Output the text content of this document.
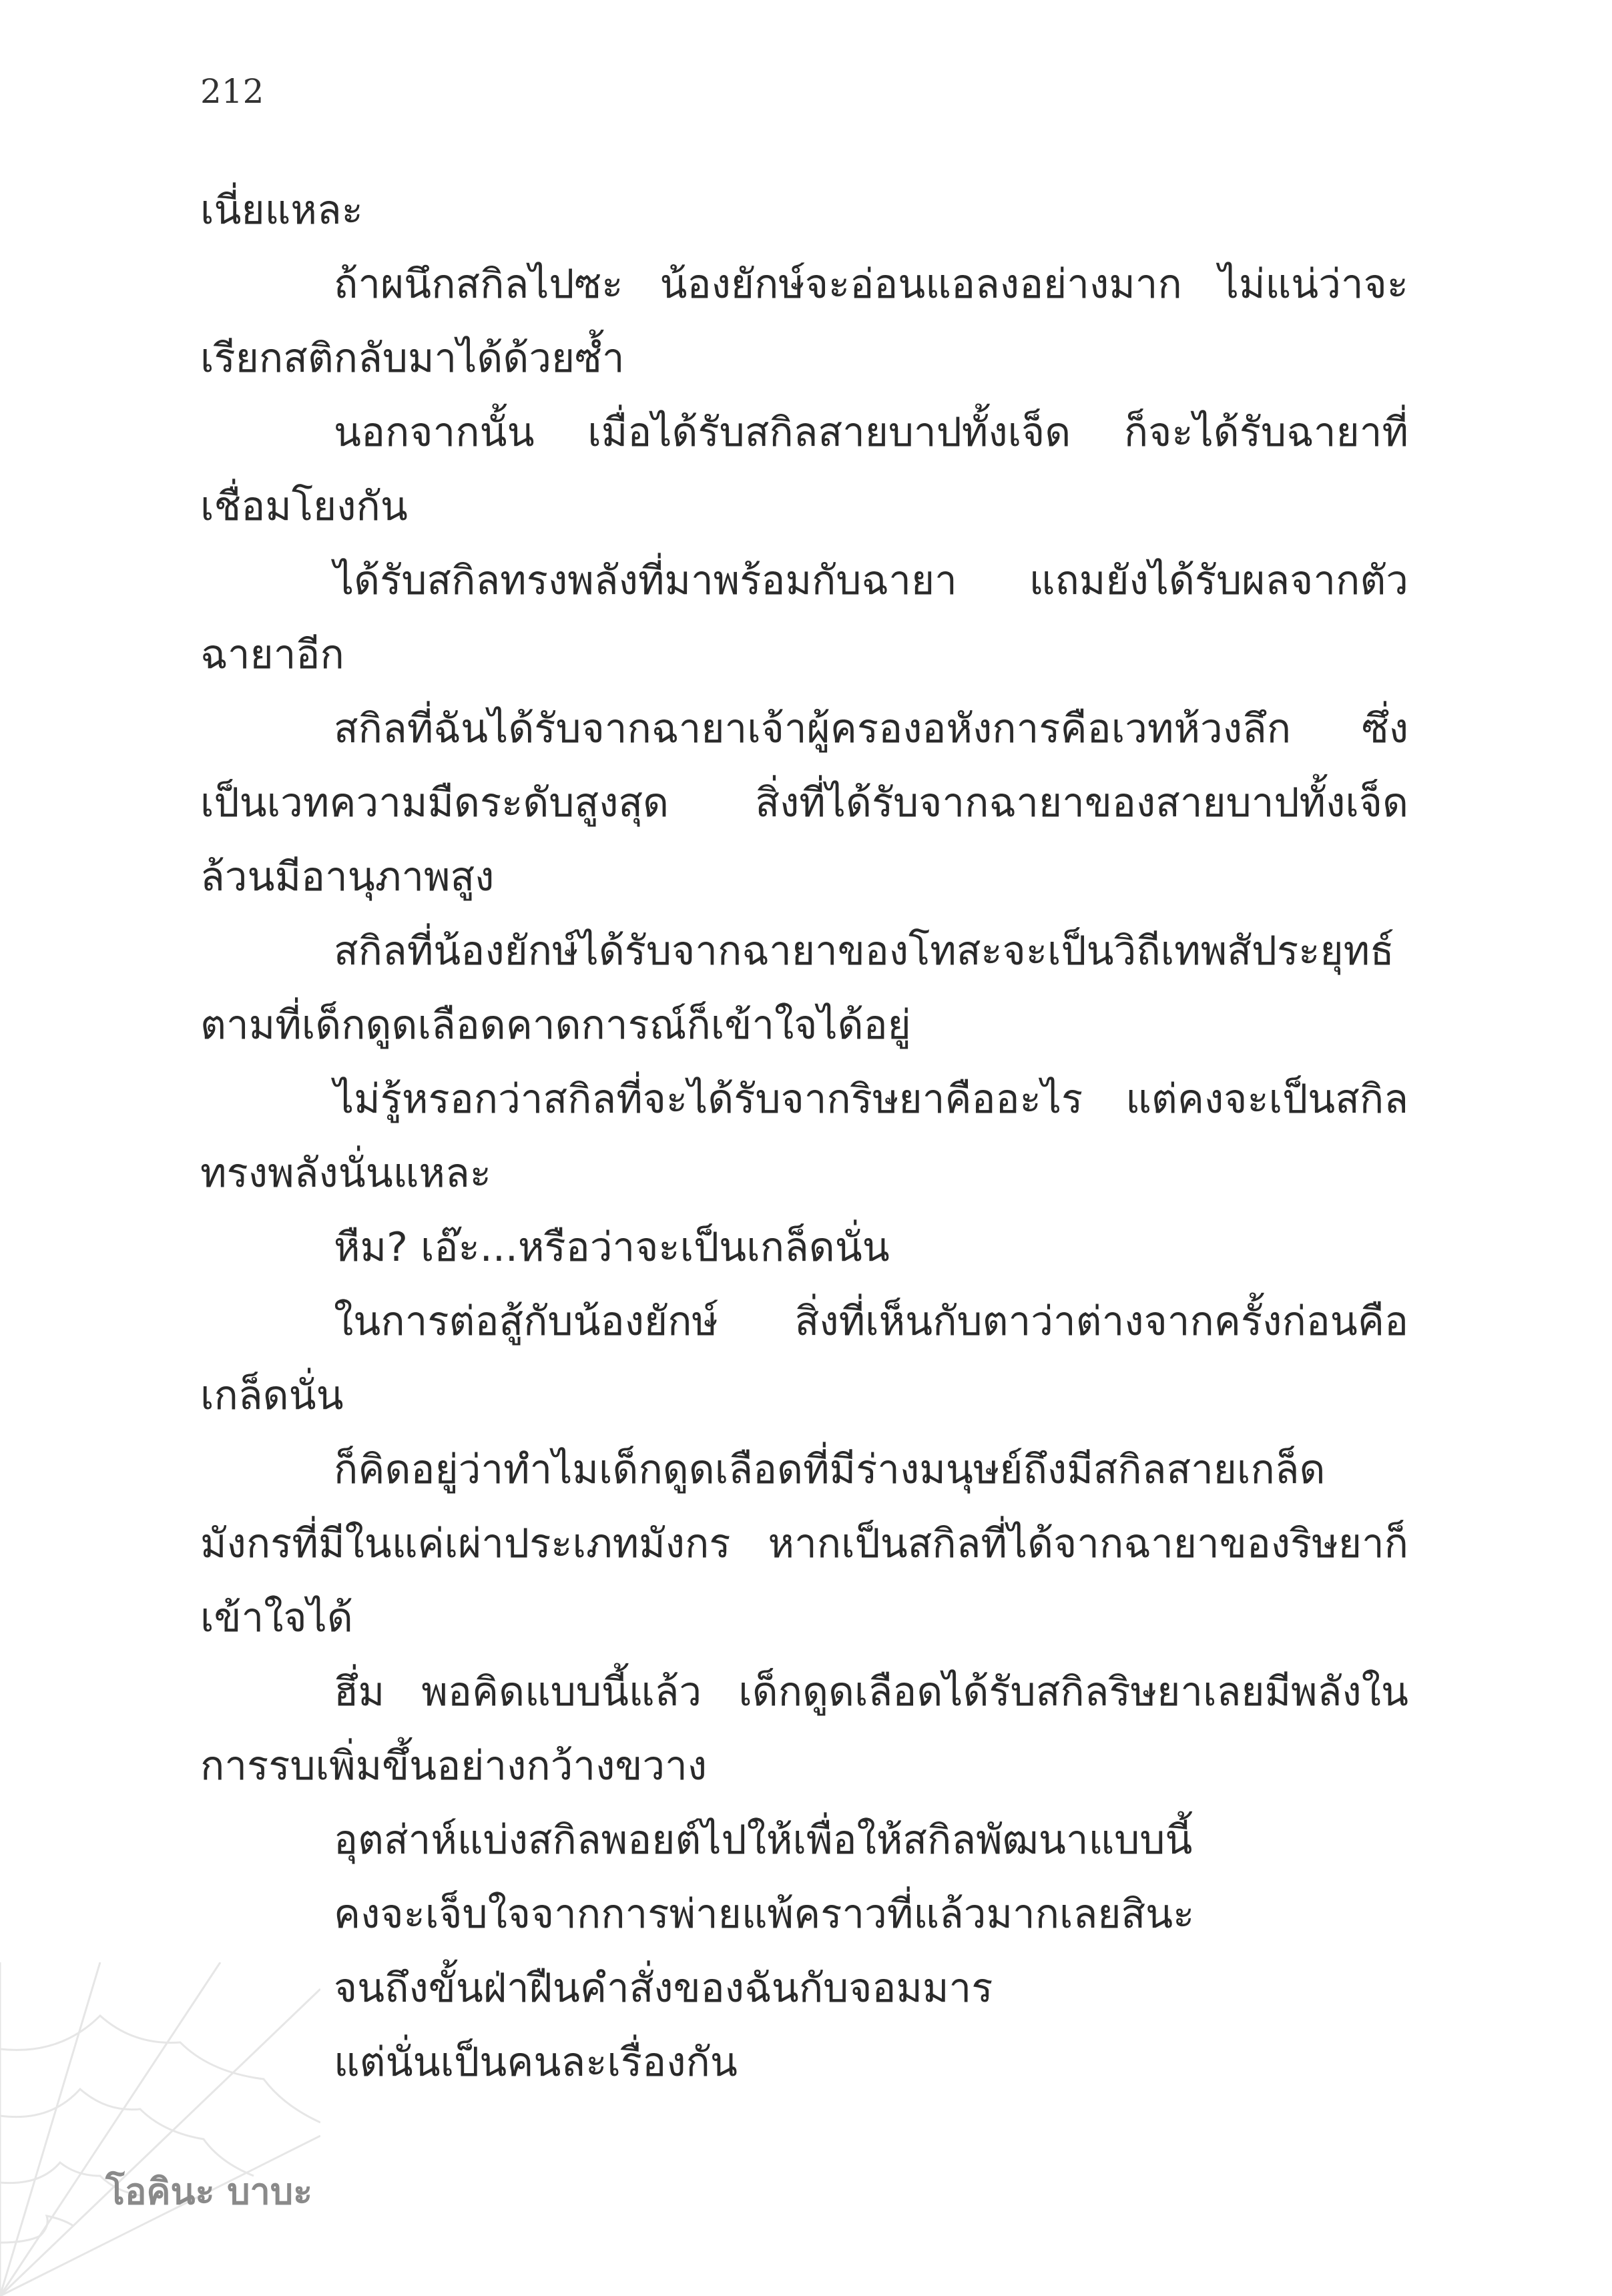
212

เนี่ยแหละ

ถ้าผนึกสกิลไปซะ น้องยักษ์จะอ่อนแอลงอย่างมาก ไม่แน่ว่าจะเรียกสติกลับมาได้ด้วยซ้ำ

นอกจากนั้น เมื่อได้รับสกิลสายบาปทั้งเจ็ด ก็จะได้รับฉายาที่เชื่อมโยงกัน

ได้รับสกิลทรงพลังที่มาพร้อมกับฉายา แถมยังได้รับผลจากตัวฉายาอีก

สกิลที่ฉันได้รับจากฉายาเจ้าผู้ครองอหังการคือเวทห้วงลึก ซึ่งเป็นเวทความมืดระดับสูงสุด สิ่งที่ได้รับจากฉายาของสายบาปทั้งเจ็ดล้วนมีอานุภาพสูง

สกิลที่น้องยักษ์ได้รับจากฉายาของโทสะจะเป็นวิถีเทพสัประยุทธ์ตามที่เด็กดูดเลือดคาดการณ์ก็เข้าใจได้อยู่

ไม่รู้หรอกว่าสกิลที่จะได้รับจากริษยาคืออะไร แต่คงจะเป็นสกิลทรงพลังนั่นแหละ

หืม? เอ๊ะ...หรือว่าจะเป็นเกล็ดนั่น

ในการต่อสู้กับน้องยักษ์ สิ่งที่เห็นกับตาว่าต่างจากครั้งก่อนคือเกล็ดนั่น

ก็คิดอยู่ว่าทำไมเด็กดูดเลือดที่มีร่างมนุษย์ถึงมีสกิลสายเกล็ดมังกรที่มีในแค่เผ่าประเภทมังกร หากเป็นสกิลที่ได้จากฉายาของริษยาก็เข้าใจได้

ฮึ่ม พอคิดแบบนี้แล้ว เด็กดูดเลือดได้รับสกิลริษยาเลยมีพลังในการรบเพิ่มขึ้นอย่างกว้างขวาง

อุตส่าห์แบ่งสกิลพอยต์ไปให้เพื่อให้สกิลพัฒนาแบบนี้

คงจะเจ็บใจจากการพ่ายแพ้คราวที่แล้วมากเลยสินะ

จนถึงขั้นฝ่าฝืนคำสั่งของฉันกับจอมมาร

แต่นั่นเป็นคนละเรื่องกัน

โอคินะ บาบะ
